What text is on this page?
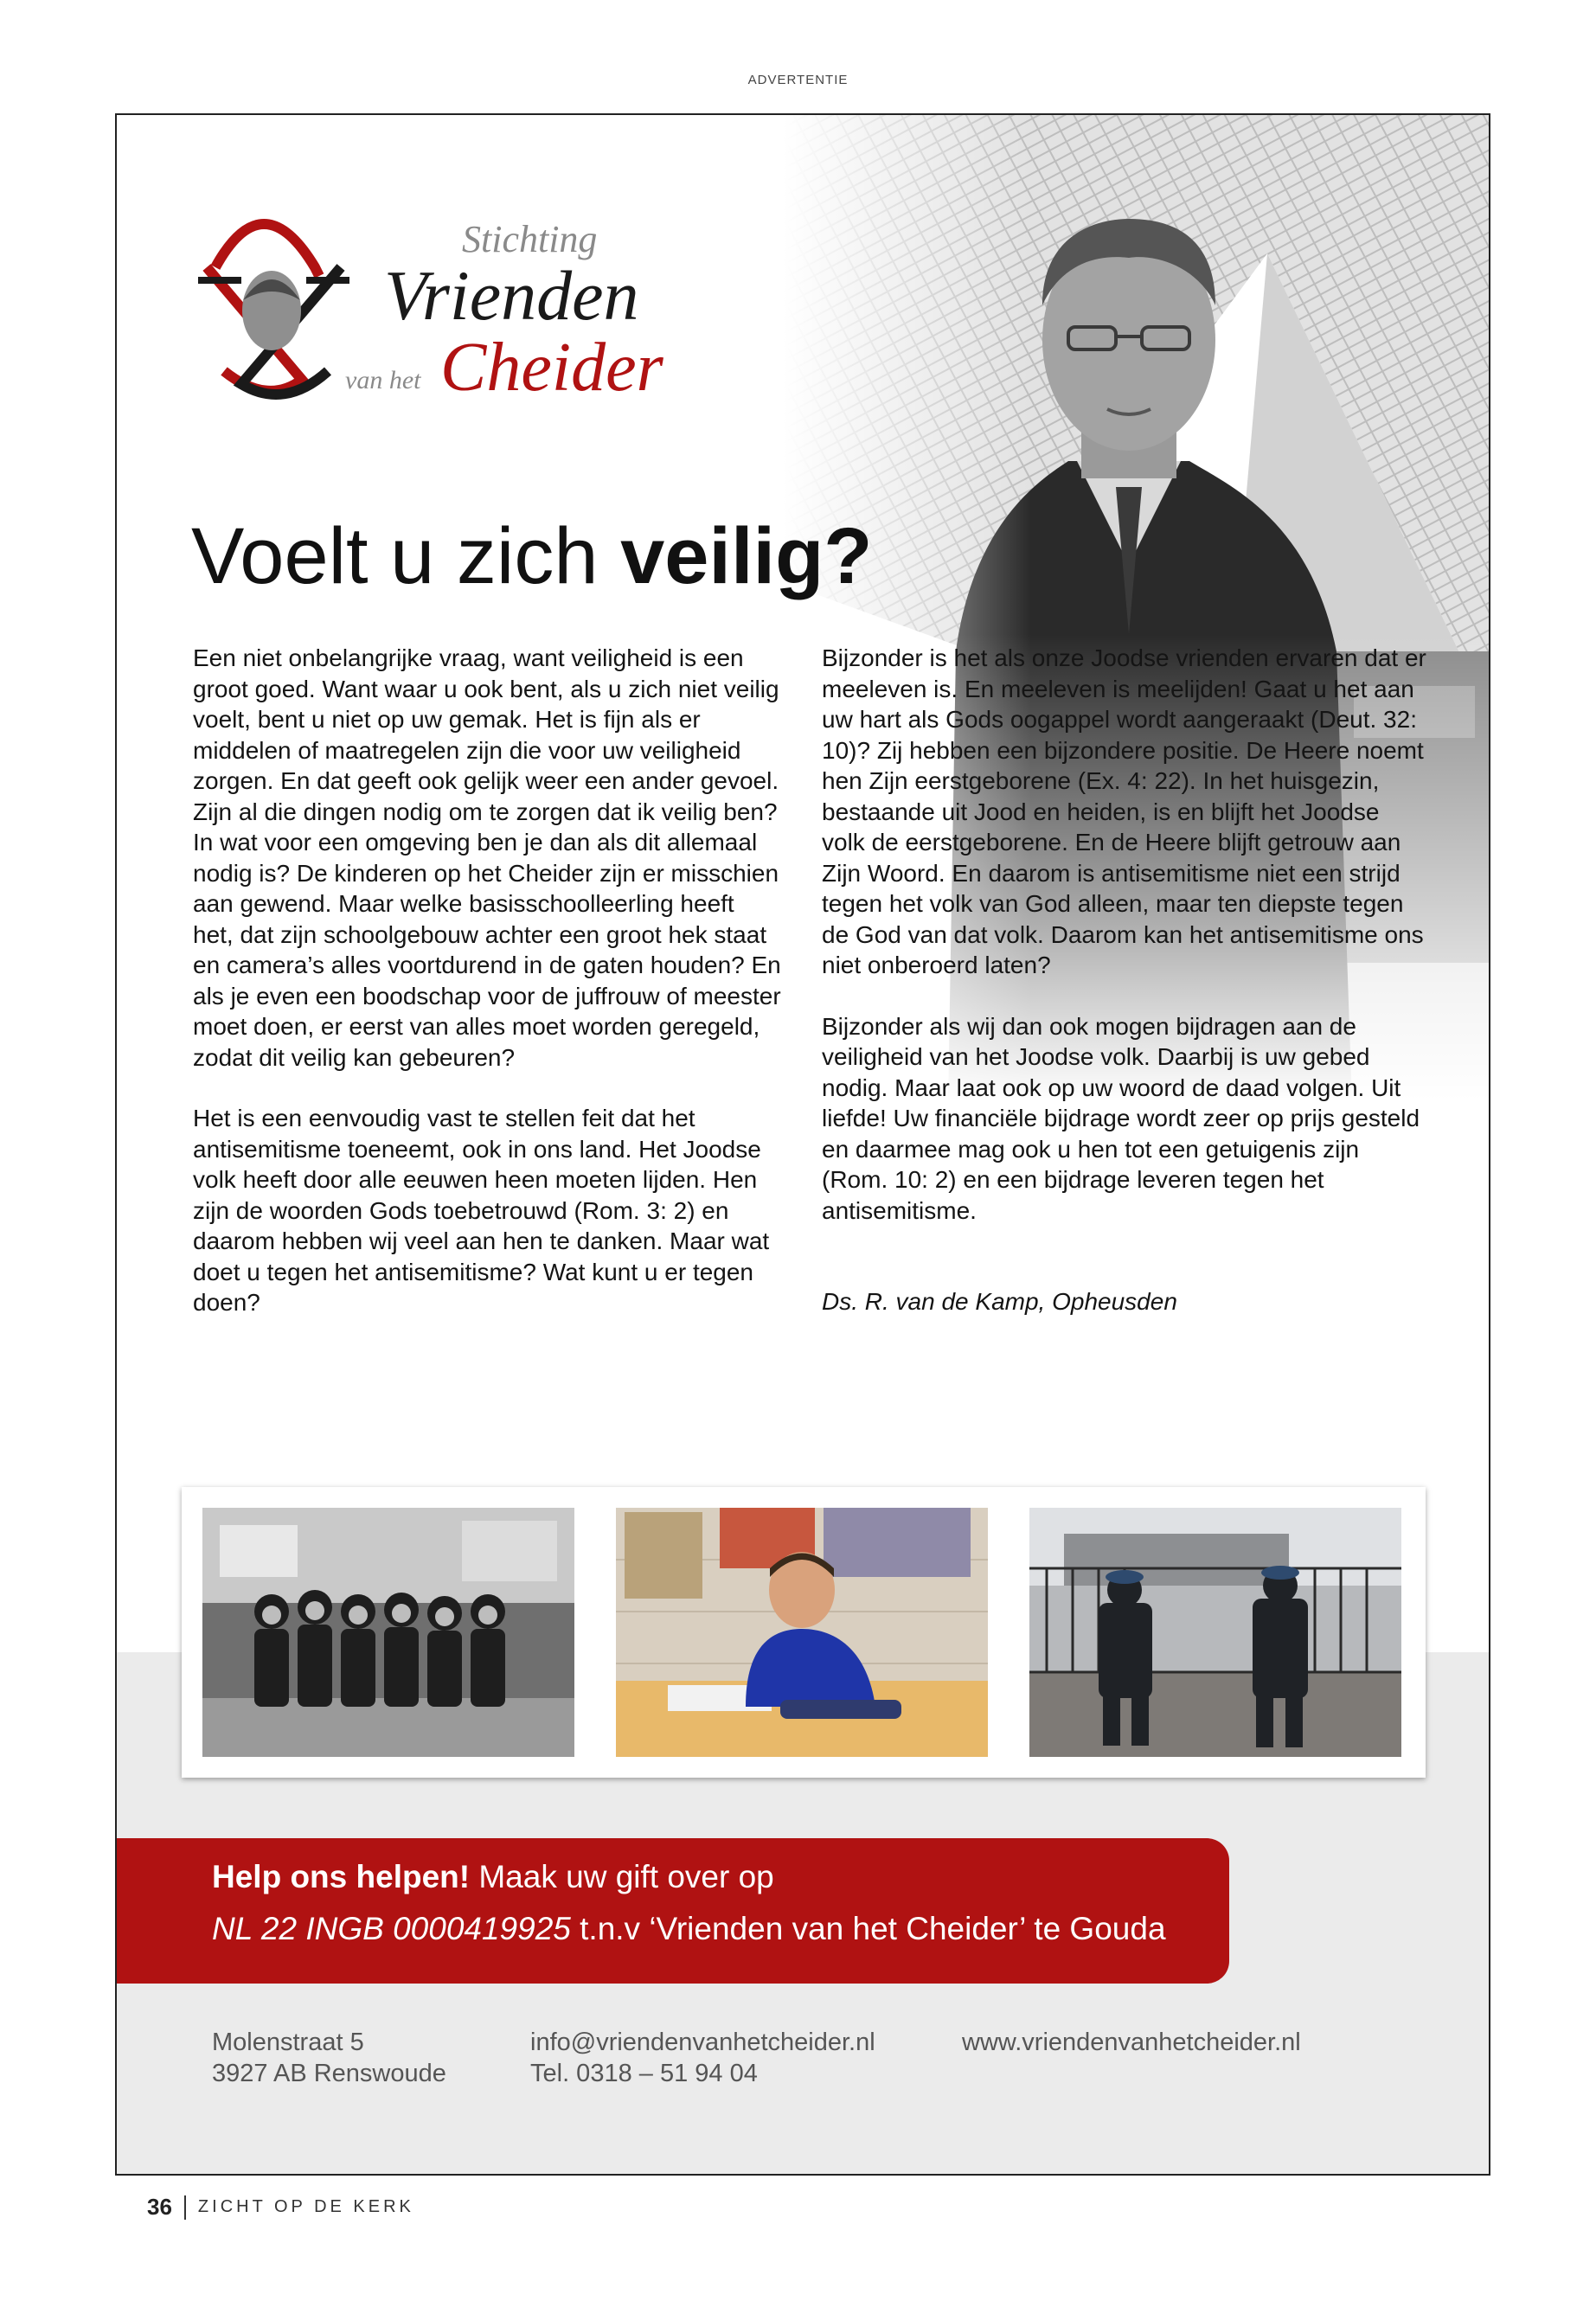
ADVERTENTIE
Stichting
Vrienden
van het Cheider
Voelt u zich veilig?

Een niet onbelangrijke vraag, want veiligheid is een groot goed. Want waar u ook bent, als u zich niet veilig voelt, bent u niet op uw gemak. Het is fijn als er middelen of maatregelen zijn die voor uw veiligheid zorgen. En dat geeft ook gelijk weer een ander gevoel. Zijn al die dingen nodig om te zorgen dat ik veilig ben? In wat voor een omgeving ben je dan als dit allemaal nodig is? De kinderen op het Cheider zijn er misschien aan gewend. Maar welke basisschoolleerling heeft het, dat zijn schoolgebouw achter een groot hek staat en camera’s alles voortdurend in de gaten houden? En als je even een boodschap voor de juffrouw of meester moet doen, er eerst van alles moet worden geregeld, zodat dit veilig kan gebeuren?

Het is een eenvoudig vast te stellen feit dat het antisemitisme toeneemt, ook in ons land. Het Joodse volk heeft door alle eeuwen heen moeten lijden. Hen zijn de woorden Gods toebetrouwd (Rom. 3: 2) en daarom hebben wij veel aan hen te danken. Maar wat doet u tegen het antisemitisme? Wat kunt u er tegen doen?

Bijzonder is het als onze Joodse vrienden ervaren dat er meeleven is. En meeleven is meelijden! Gaat u het aan uw hart als Gods oogappel wordt aangeraakt (Deut. 32: 10)? Zij hebben een bijzondere positie. De Heere noemt hen Zijn eerstgeborene (Ex. 4: 22). In het huisgezin, bestaande uit Jood en heiden, is en blijft het Joodse volk de eerstgeborene. En de Heere blijft getrouw aan Zijn Woord. En daarom is antisemitisme niet een strijd tegen het volk van God alleen, maar ten diepste tegen de God van dat volk. Daarom kan het antisemitisme ons niet onberoerd laten?

Bijzonder als wij dan ook mogen bijdragen aan de veiligheid van het Joodse volk. Daarbij is uw gebed nodig. Maar laat ook op uw woord de daad volgen. Uit liefde! Uw financiële bijdrage wordt zeer op prijs gesteld en daarmee mag ook u hen tot een getuigenis zijn (Rom. 10: 2) en een bijdrage leveren tegen het antisemitisme.

Ds. R. van de Kamp, Opheusden

Help ons helpen! Maak uw gift over op
NL 22 INGB 0000419925 t.n.v ‘Vrienden van het Cheider’ te Gouda
Molenstraat 5
3927 AB Renswoude
info@vriendenvanhetcheider.nl
Tel. 0318 – 51 94 04
www.vriendenvanhetcheider.nl
36 ZICHT OP DE KERK
